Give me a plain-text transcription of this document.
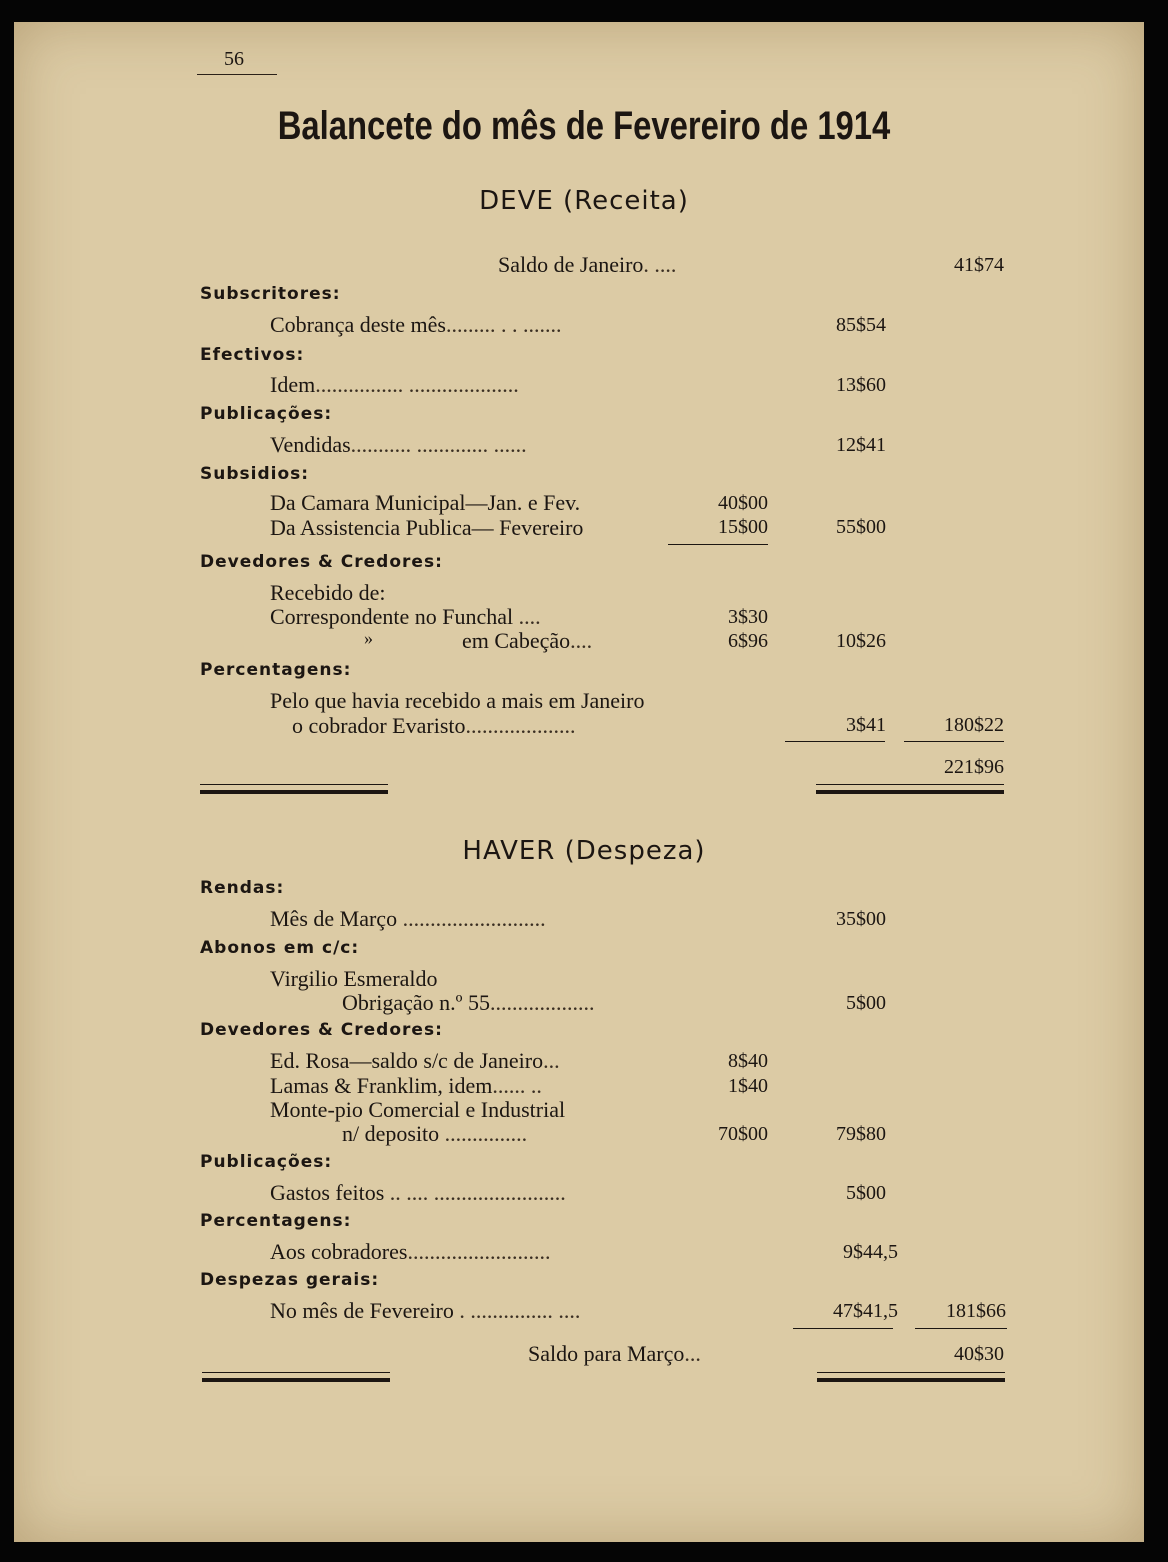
56
Balancete do mês de Fevereiro de 1914
DEVE (Receita)
Saldo de Janeiro. ....	41$74
Subscritores:
Cobrança deste mês......... . . .......	85$54
Efectivos:
Idem................ ....................	13$60
Publicações:
Vendidas........... ............. ......	12$41
Subsidios:
Da Camara Municipal—Jan. e Fev.	40$00
Da Assistencia Publica— Fevereiro	15$00	55$00
Devedores & Credores:
Recebido de:
Correspondente no Funchal ....	3$30
»	em Cabeção....	6$96	10$26
Percentagens:
Pelo que havia recebido a mais em Janeiro
o cobrador Evaristo....................	3$41	180$22
221$96
HAVER (Despeza)
Rendas:
Mês de Março ..........................	35$00
Abonos em c/c:
Virgilio Esmeraldo
Obrigação n.º 55...................	5$00
Devedores & Credores:
Ed. Rosa—saldo s/c de Janeiro...	8$40
Lamas & Franklim, idem...... ..	1$40
Monte-pio Comercial e Industrial
n/ deposito ...............	70$00	79$80
Publicações:
Gastos feitos .. .... ........................	5$00
Percentagens:
Aos cobradores..........................	9$44,5
Despezas gerais:
No mês de Fevereiro . ............... ....	47$41,5	181$66
Saldo para Março...	40$30
